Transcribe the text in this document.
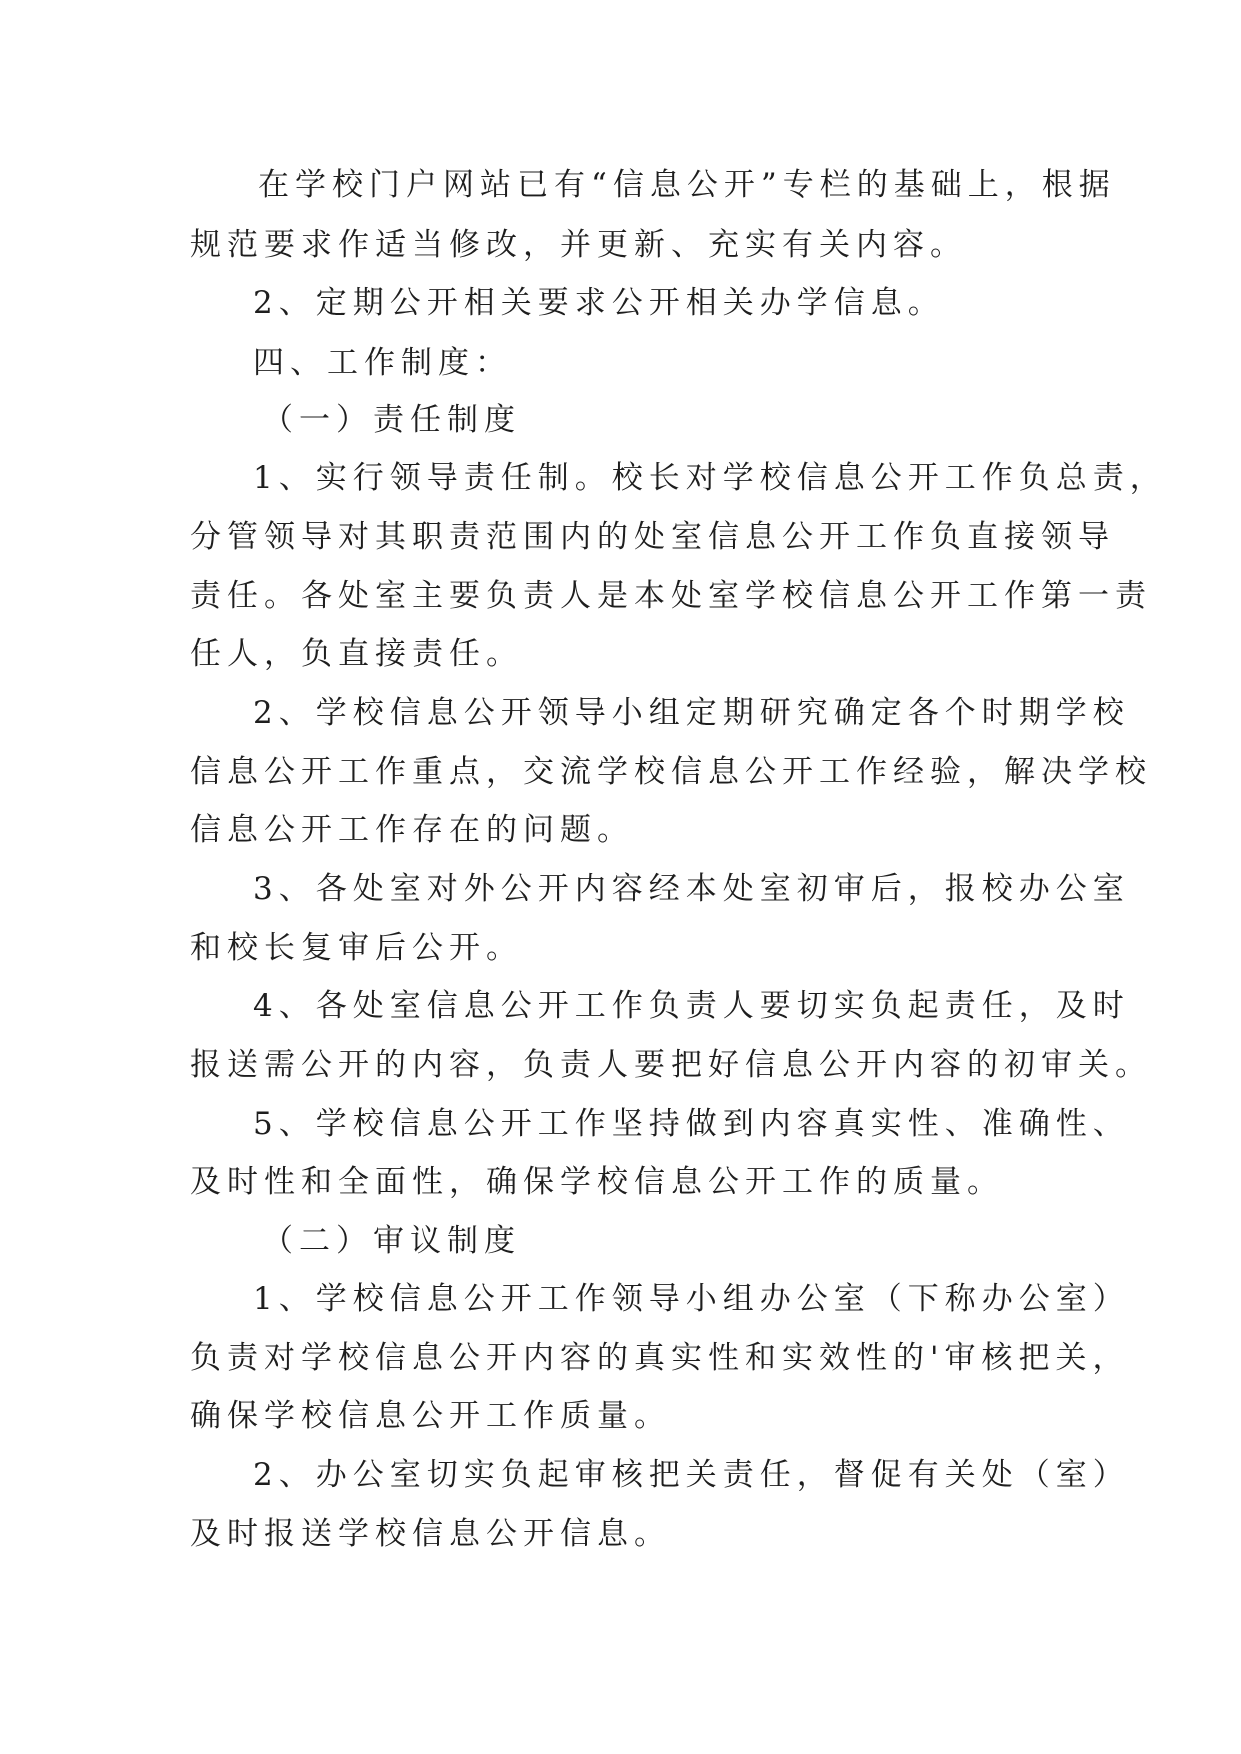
在学校门户网站已有“信息公开”专栏的基础上，根据
规范要求作适当修改，并更新、充实有关内容。
2、定期公开相关要求公开相关办学信息。
四、工作制度：
（一）责任制度
1、实行领导责任制。校长对学校信息公开工作负总责，
分管领导对其职责范围内的处室信息公开工作负直接领导
责任。各处室主要负责人是本处室学校信息公开工作第一责
任人，负直接责任。
2、学校信息公开领导小组定期研究确定各个时期学校
信息公开工作重点，交流学校信息公开工作经验，解决学校
信息公开工作存在的问题。
3、各处室对外公开内容经本处室初审后，报校办公室
和校长复审后公开。
4、各处室信息公开工作负责人要切实负起责任，及时
报送需公开的内容，负责人要把好信息公开内容的初审关。
5、学校信息公开工作坚持做到内容真实性、准确性、
及时性和全面性，确保学校信息公开工作的质量。
（二）审议制度
1、学校信息公开工作领导小组办公室（下称办公室）
负责对学校信息公开内容的真实性和实效性的'审核把关，
确保学校信息公开工作质量。
2、办公室切实负起审核把关责任，督促有关处（室）
及时报送学校信息公开信息。
